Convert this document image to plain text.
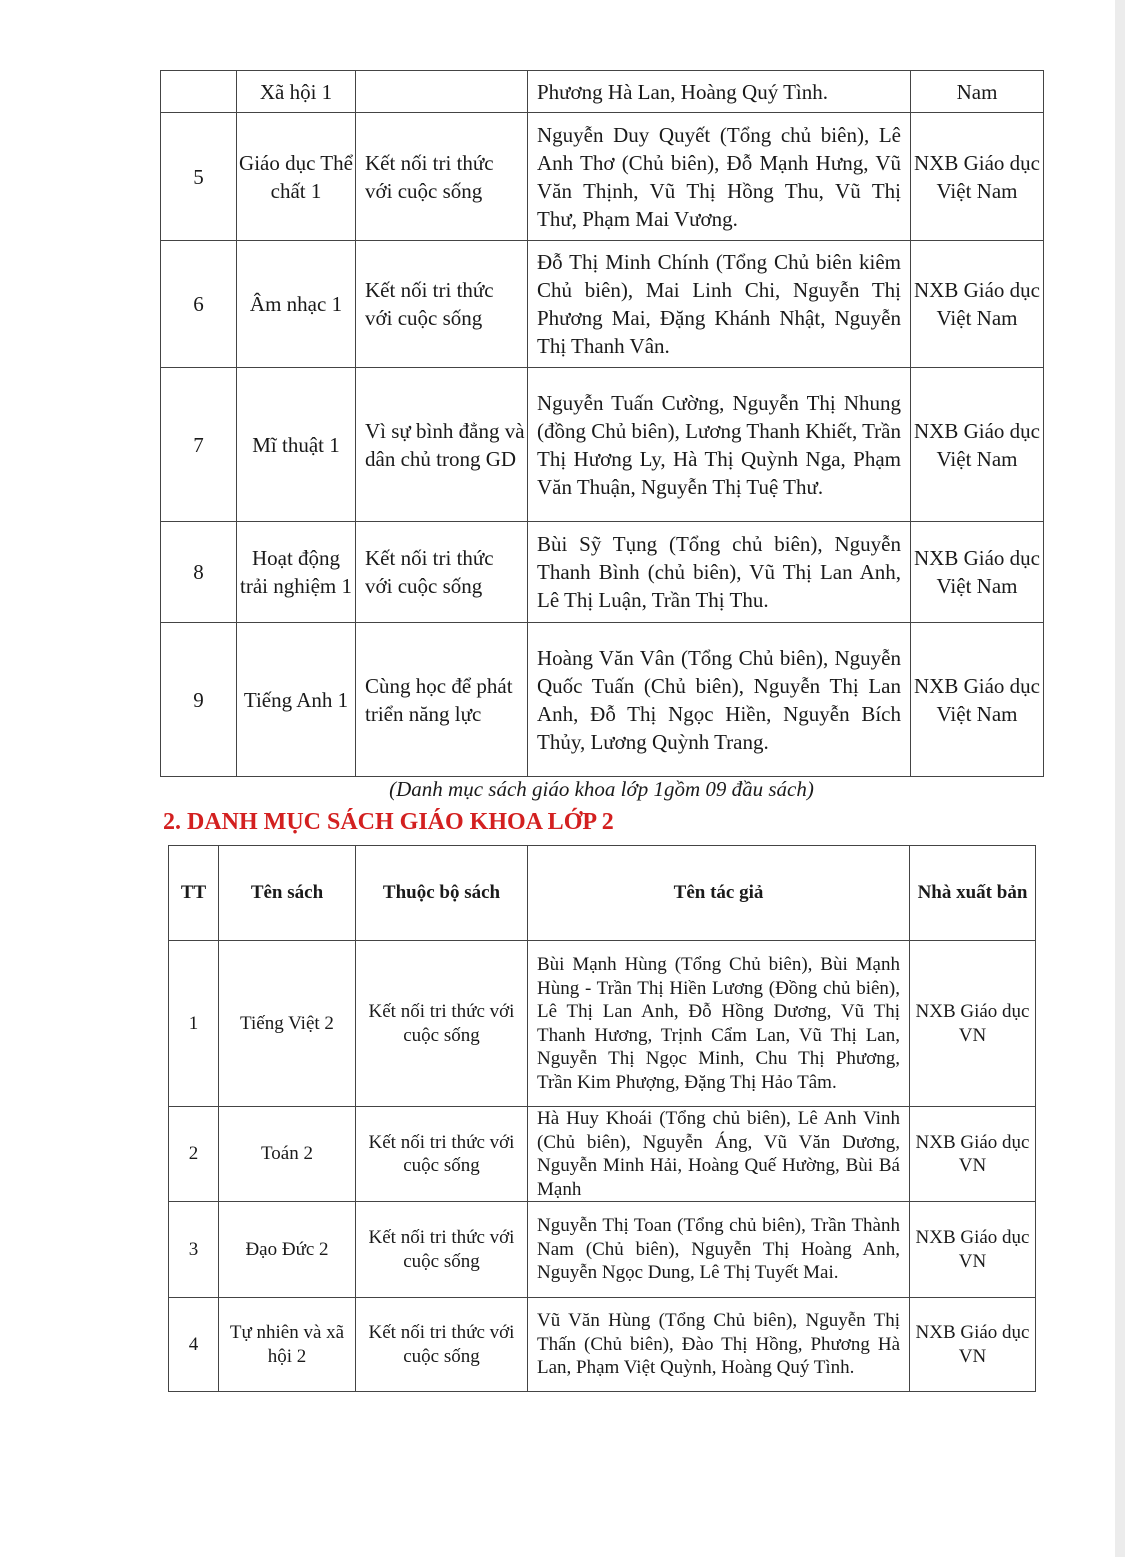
	Xã hội 1		Phương Hà Lan, Hoàng Quý Tình.	Nam
5	Giáo dục Thể chất 1	Kết nối tri thức với cuộc sống	Nguyễn Duy Quyết (Tổng chủ biên), Lê Anh Thơ (Chủ biên), Đỗ Mạnh Hưng, Vũ Văn Thịnh, Vũ Thị Hồng Thu, Vũ Thị Thư, Phạm Mai Vương.	NXB Giáo dục Việt Nam
6	Âm nhạc 1	Kết nối tri thức với cuộc sống	Đỗ Thị Minh Chính (Tổng Chủ biên kiêm Chủ biên), Mai Linh Chi, Nguyễn Thị Phương Mai, Đặng Khánh Nhật, Nguyễn Thị Thanh Vân.	NXB Giáo dục Việt Nam
7	Mĩ thuật 1	Vì sự bình đẳng và dân chủ trong GD	Nguyễn Tuấn Cường, Nguyễn Thị Nhung (đồng Chủ biên), Lương Thanh Khiết, Trần Thị Hương Ly, Hà Thị Quỳnh Nga, Phạm Văn Thuận, Nguyễn Thị Tuệ Thư.	NXB Giáo dục Việt Nam
8	Hoạt động trải nghiệm 1	Kết nối tri thức với cuộc sống	Bùi Sỹ Tụng (Tổng chủ biên), Nguyễn Thanh Bình (chủ biên), Vũ Thị Lan Anh, Lê Thị Luận, Trần Thị Thu.	NXB Giáo dục Việt Nam
9	Tiếng Anh 1	Cùng học để phát triển năng lực	Hoàng Văn Vân (Tổng Chủ biên), Nguyễn Quốc Tuấn (Chủ biên), Nguyễn Thị Lan Anh, Đỗ Thị Ngọc Hiền, Nguyễn Bích Thủy, Lương Quỳnh Trang.	NXB Giáo dục Việt Nam
(Danh mục sách giáo khoa lớp 1gồm 09 đầu sách)
2. DANH MỤC SÁCH GIÁO KHOA LỚP 2
TT	Tên sách	Thuộc bộ sách	Tên tác giả	Nhà xuất bản
1	Tiếng Việt 2	Kết nối tri thức với cuộc sống	Bùi Mạnh Hùng (Tổng Chủ biên), Bùi Mạnh Hùng - Trần Thị Hiền Lương (Đồng chủ biên), Lê Thị Lan Anh, Đỗ Hồng Dương, Vũ Thị Thanh Hương, Trịnh Cẩm Lan, Vũ Thị Lan, Nguyễn Thị Ngọc Minh, Chu Thị Phương, Trần Kim Phượng, Đặng Thị Hảo Tâm.	NXB Giáo dục VN
2	Toán 2	Kết nối tri thức với cuộc sống	Hà Huy Khoái (Tổng chủ biên), Lê Anh Vinh (Chủ biên), Nguyễn Áng, Vũ Văn Dương, Nguyễn Minh Hải, Hoàng Quế Hường, Bùi Bá Mạnh	NXB Giáo dục VN
3	Đạo Đức 2	Kết nối tri thức với cuộc sống	Nguyễn Thị Toan (Tổng chủ biên), Trần Thành Nam (Chủ biên), Nguyễn Thị Hoàng Anh, Nguyễn Ngọc Dung, Lê Thị Tuyết Mai.	NXB Giáo dục VN
4	Tự nhiên và xã hội 2	Kết nối tri thức với cuộc sống	Vũ Văn Hùng (Tổng Chủ biên), Nguyễn Thị Thấn (Chủ biên), Đào Thị Hồng, Phương Hà Lan, Phạm Việt Quỳnh, Hoàng Quý Tình.	NXB Giáo dục VN
